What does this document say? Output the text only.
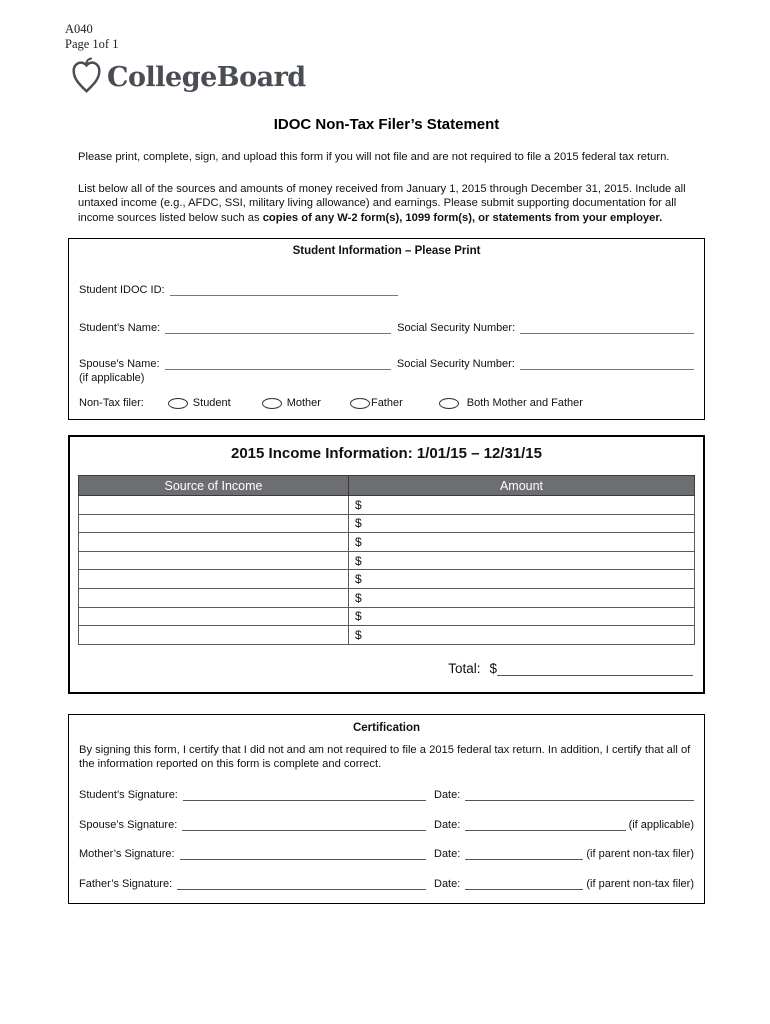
A040
Page 1of 1
CollegeBoard
IDOC Non-Tax Filer’s Statement
Please print, complete, sign, and upload this form if you will not file and are not required to file a 2015 federal tax return.
List below all of the sources and amounts of money received from January 1, 2015 through December 31, 2015. Include all untaxed income (e.g., AFDC, SSI, military living allowance) and earnings. Please submit supporting documentation for all income sources listed below such as copies of any W-2 form(s), 1099 form(s), or statements from your employer.
Student Information – Please Print
Student IDOC ID:
Student’s Name:	Social Security Number:
Spouse’s Name:	Social Security Number:
(if applicable)
Non-Tax filer:	Student	Mother	Father	Both Mother and Father
2015 Income Information: 1/01/15 – 12/31/15
Source of Income	Amount
	$
	$
	$
	$
	$
	$
	$
	$
Total: $
Certification
By signing this form, I certify that I did not and am not required to file a 2015 federal tax return. In addition, I certify that all of the information reported on this form is complete and correct.
Student’s Signature:	Date:
Spouse’s Signature:	Date:	(if applicable)
Mother’s Signature:	Date:	(if parent non-tax filer)
Father’s Signature:	Date:	(if parent non-tax filer)
